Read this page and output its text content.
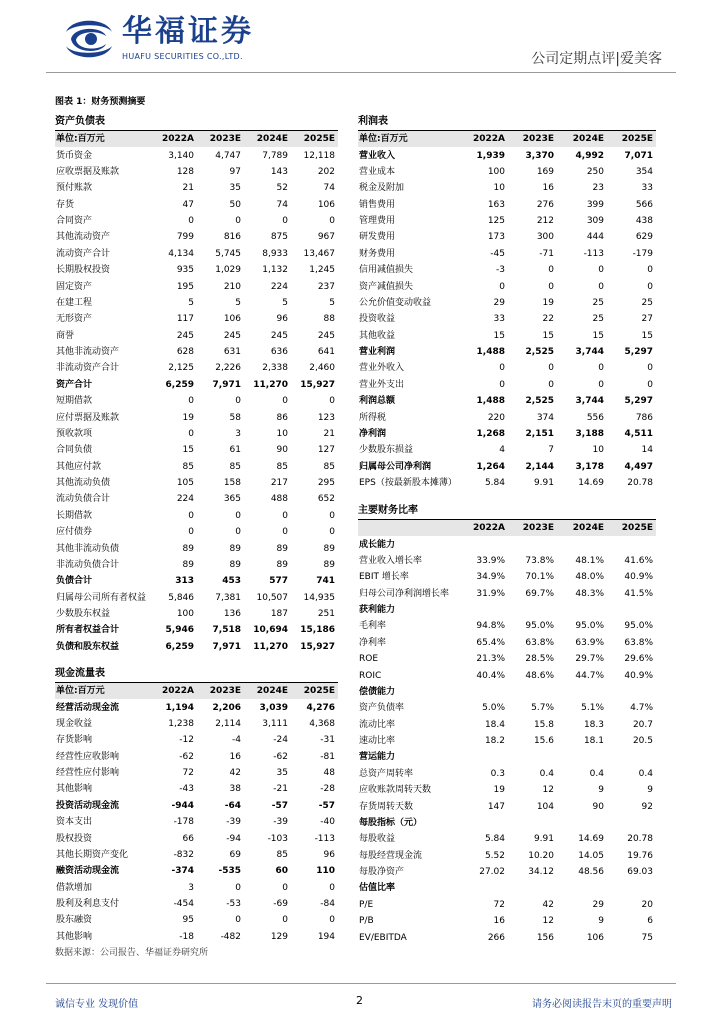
华福证券
HUAFU SECURITIES CO.,LTD.	公司定期点评|爱美客
图表 1：财务预测摘要
资产负债表
单位:百万元	2022A	2023E	2024E	2025E
货币资金	3,140	4,747	7,789	12,118
应收票据及账款	128	97	143	202
预付账款	21	35	52	74
存货	47	50	74	106
合同资产	0	0	0	0
其他流动资产	799	816	875	967
流动资产合计	4,134	5,745	8,933	13,467
长期股权投资	935	1,029	1,132	1,245
固定资产	195	210	224	237
在建工程	5	5	5	5
无形资产	117	106	96	88
商誉	245	245	245	245
其他非流动资产	628	631	636	641
非流动资产合计	2,125	2,226	2,338	2,460
资产合计	6,259	7,971	11,270	15,927
短期借款	0	0	0	0
应付票据及账款	19	58	86	123
预收款项	0	3	10	21
合同负债	15	61	90	127
其他应付款	85	85	85	85
其他流动负债	105	158	217	295
流动负债合计	224	365	488	652
长期借款	0	0	0	0
应付债券	0	0	0	0
其他非流动负债	89	89	89	89
非流动负债合计	89	89	89	89
负债合计	313	453	577	741
归属母公司所有者权益	5,846	7,381	10,507	14,935
少数股东权益	100	136	187	251
所有者权益合计	5,946	7,518	10,694	15,186
负债和股东权益	6,259	7,971	11,270	15,927
现金流量表
单位:百万元	2022A	2023E	2024E	2025E
经营活动现金流	1,194	2,206	3,039	4,276
现金收益	1,238	2,114	3,111	4,368
存货影响	-12	-4	-24	-31
经营性应收影响	-62	16	-62	-81
经营性应付影响	72	42	35	48
其他影响	-43	38	-21	-28
投资活动现金流	-944	-64	-57	-57
资本支出	-178	-39	-39	-40
股权投资	66	-94	-103	-113
其他长期资产变化	-832	69	85	96
融资活动现金流	-374	-535	60	110
借款增加	3	0	0	0
股利及利息支付	-454	-53	-69	-84
股东融资	95	0	0	0
其他影响	-18	-482	129	194
利润表
单位:百万元	2022A	2023E	2024E	2025E
营业收入	1,939	3,370	4,992	7,071
营业成本	100	169	250	354
税金及附加	10	16	23	33
销售费用	163	276	399	566
管理费用	125	212	309	438
研发费用	173	300	444	629
财务费用	-45	-71	-113	-179
信用减值损失	-3	0	0	0
资产减值损失	0	0	0	0
公允价值变动收益	29	19	25	25
投资收益	33	22	25	27
其他收益	15	15	15	15
营业利润	1,488	2,525	3,744	5,297
营业外收入	0	0	0	0
营业外支出	0	0	0	0
利润总额	1,488	2,525	3,744	5,297
所得税	220	374	556	786
净利润	1,268	2,151	3,188	4,511
少数股东损益	4	7	10	14
归属母公司净利润	1,264	2,144	3,178	4,497
EPS（按最新股本摊薄）	5.84	9.91	14.69	20.78
主要财务比率
	2022A	2023E	2024E	2025E
成长能力				
营业收入增长率	33.9%	73.8%	48.1%	41.6%
EBIT 增长率	34.9%	70.1%	48.0%	40.9%
归母公司净利润增长率	31.9%	69.7%	48.3%	41.5%
获利能力				
毛利率	94.8%	95.0%	95.0%	95.0%
净利率	65.4%	63.8%	63.9%	63.8%
ROE	21.3%	28.5%	29.7%	29.6%
ROIC	40.4%	48.6%	44.7%	40.9%
偿债能力				
资产负债率	5.0%	5.7%	5.1%	4.7%
流动比率	18.4	15.8	18.3	20.7
速动比率	18.2	15.6	18.1	20.5
营运能力				
总资产周转率	0.3	0.4	0.4	0.4
应收账款周转天数	19	12	9	9
存货周转天数	147	104	90	92
每股指标（元）				
每股收益	5.84	9.91	14.69	20.78
每股经营现金流	5.52	10.20	14.05	19.76
每股净资产	27.02	34.12	48.56	69.03
估值比率				
P/E	72	42	29	20
P/B	16	12	9	6
EV/EBITDA	266	156	106	75
数据来源：公司报告、华福证券研究所
诚信专业 发现价值	2	请务必阅读报告末页的重要声明
